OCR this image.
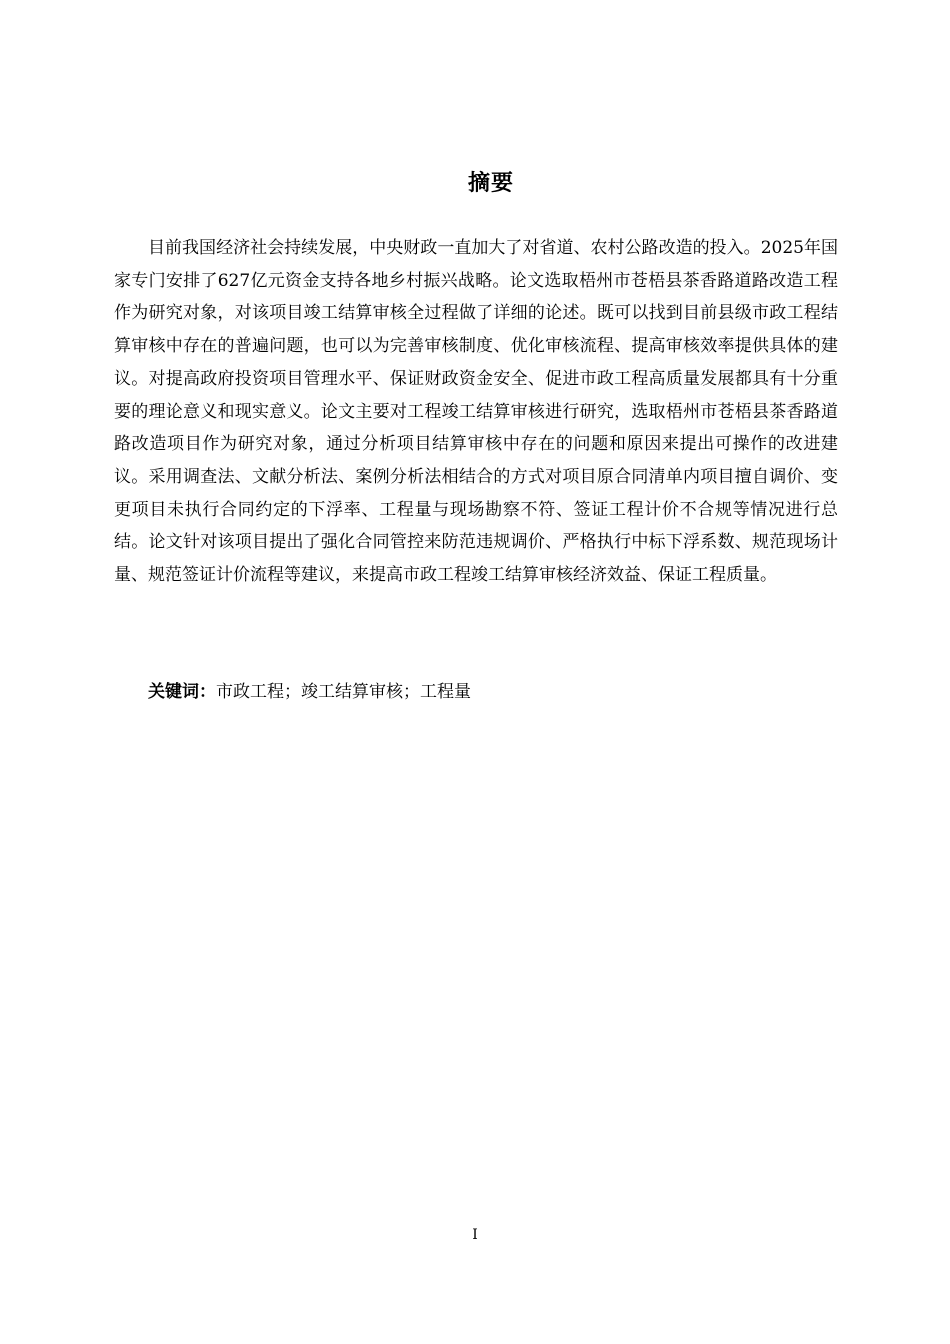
摘要

目前我国经济社会持续发展，中央财政一直加大了对省道、农村公路改造的投入。2025年国家专门安排了627亿元资金支持各地乡村振兴战略。论文选取梧州市苍梧县茶香路道路改造工程作为研究对象，对该项目竣工结算审核全过程做了详细的论述。既可以找到目前县级市政工程结算审核中存在的普遍问题，也可以为完善审核制度、优化审核流程、提高审核效率提供具体的建议。对提高政府投资项目管理水平、保证财政资金安全、促进市政工程高质量发展都具有十分重要的理论意义和现实意义。论文主要对工程竣工结算审核进行研究，选取梧州市苍梧县茶香路道路改造项目作为研究对象，通过分析项目结算审核中存在的问题和原因来提出可操作的改进建议。采用调查法、文献分析法、案例分析法相结合的方式对项目原合同清单内项目擅自调价、变更项目未执行合同约定的下浮率、工程量与现场勘察不符、签证工程计价不合规等情况进行总结。论文针对该项目提出了强化合同管控来防范违规调价、严格执行中标下浮系数、规范现场计量、规范签证计价流程等建议，来提高市政工程竣工结算审核经济效益、保证工程质量。

关键词：市政工程；竣工结算审核；工程量
I
